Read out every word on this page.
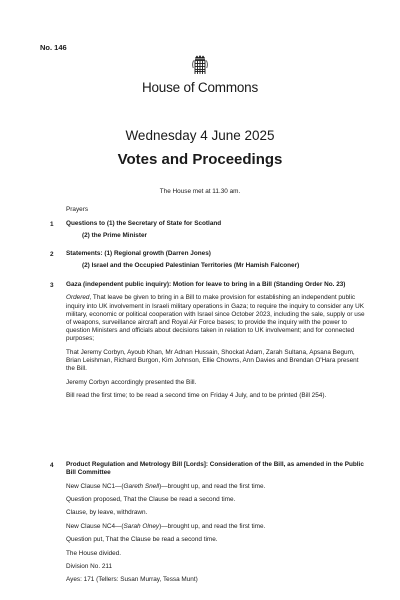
No. 146
House of Commons
Wednesday 4 June 2025
Votes and Proceedings
The House met at 11.30 am.
Prayers
1 Questions to (1) the Secretary of State for Scotland
(2) the Prime Minister
2 Statements: (1) Regional growth (Darren Jones)
(2) Israel and the Occupied Palestinian Territories (Mr Hamish Falconer)
3 Gaza (independent public inquiry): Motion for leave to bring in a Bill (Standing Order No. 23)
Ordered, That leave be given to bring in a Bill to make provision for establishing an independent public inquiry into UK involvement in Israeli military operations in Gaza; to require the inquiry to consider any UK military, economic or political cooperation with Israel since October 2023, including the sale, supply or use of weapons, surveillance aircraft and Royal Air Force bases; to provide the inquiry with the power to question Ministers and officials about decisions taken in relation to UK involvement; and for connected purposes;
That Jeremy Corbyn, Ayoub Khan, Mr Adnan Hussain, Shockat Adam, Zarah Sultana, Apsana Begum, Brian Leishman, Richard Burgon, Kim Johnson, Ellie Chowns, Ann Davies and Brendan O'Hara present the Bill.
Jeremy Corbyn accordingly presented the Bill.
Bill read the first time; to be read a second time on Friday 4 July, and to be printed (Bill 254).
4 Product Regulation and Metrology Bill [Lords]: Consideration of the Bill, as amended in the Public Bill Committee
New Clause NC1—(Gareth Snell)—brought up, and read the first time.
Question proposed, That the Clause be read a second time.
Clause, by leave, withdrawn.
New Clause NC4—(Sarah Olney)—brought up, and read the first time.
Question put, That the Clause be read a second time.
The House divided.
Division No. 211
Ayes: 171 (Tellers: Susan Murray, Tessa Munt)
